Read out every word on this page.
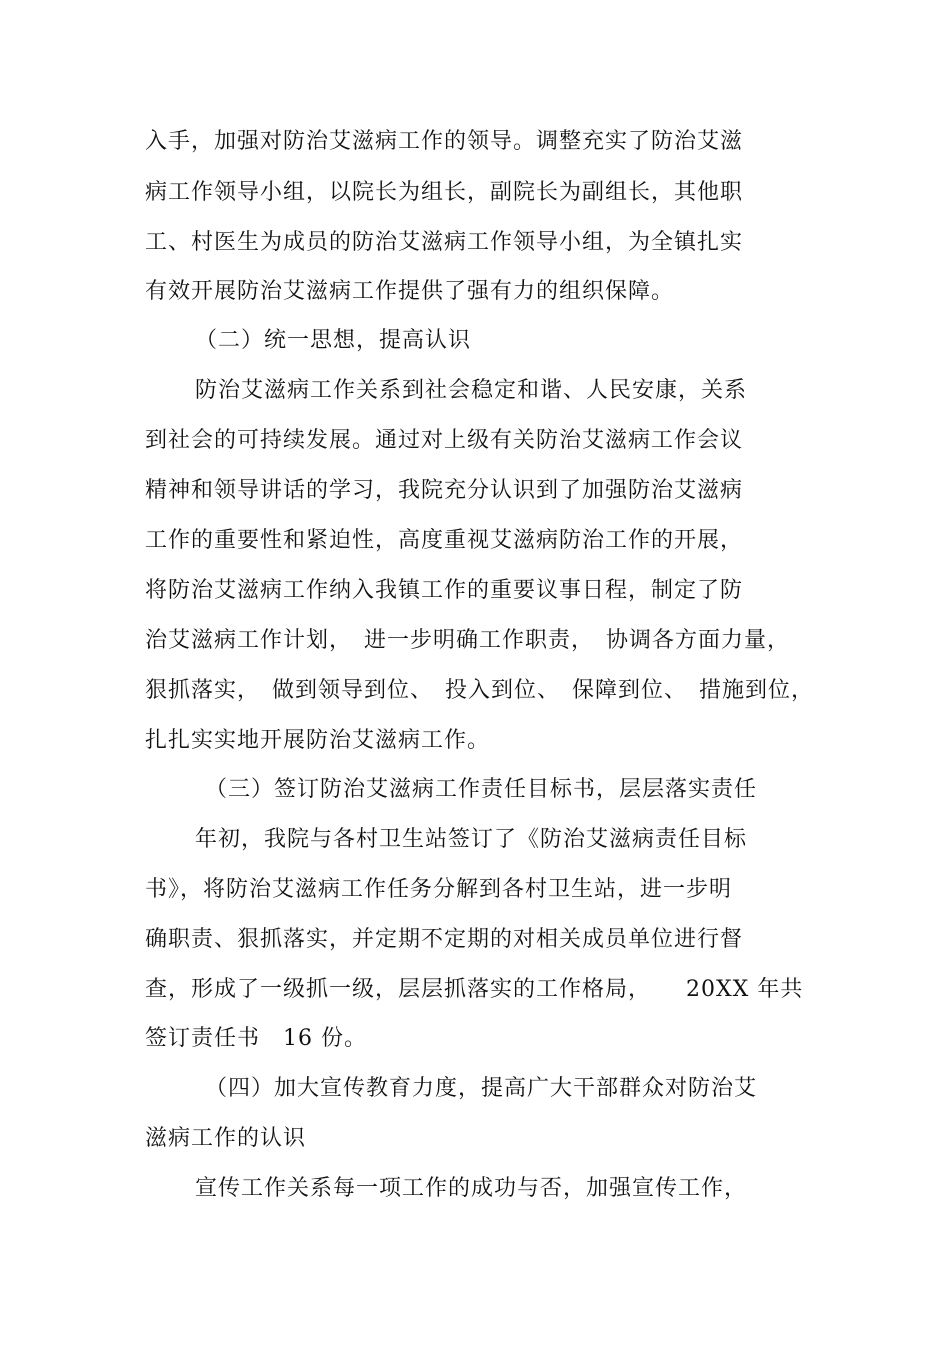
入手，加强对防治艾滋病工作的领导。调整充实了防治艾滋
病工作领导小组，以院长为组长，副院长为副组长，其他职
工、村医生为成员的防治艾滋病工作领导小组，为全镇扎实
有效开展防治艾滋病工作提供了强有力的组织保障。
（二）统一思想，提高认识
防治艾滋病工作关系到社会稳定和谐、人民安康，关系
到社会的可持续发展。通过对上级有关防治艾滋病工作会议
精神和领导讲话的学习，我院充分认识到了加强防治艾滋病
工作的重要性和紧迫性，高度重视艾滋病防治工作的开展，
将防治艾滋病工作纳入我镇工作的重要议事日程，制定了防
治艾滋病工作计划，　进一步明确工作职责，　协调各方面力量，
狠抓落实，　做到领导到位、　投入到位、　保障到位、　措施到位，
扎扎实实地开展防治艾滋病工作。
（三）签订防治艾滋病工作责任目标书，层层落实责任
年初，我院与各村卫生站签订了《防治艾滋病责任目标
书》，将防治艾滋病工作任务分解到各村卫生站，进一步明
确职责、狠抓落实，并定期不定期的对相关成员单位进行督
查，形成了一级抓一级，层层抓落实的工作格局，　　20XX 年共
签订责任书　16 份。
（四）加大宣传教育力度，提高广大干部群众对防治艾
滋病工作的认识
宣传工作关系每一项工作的成功与否，加强宣传工作，
